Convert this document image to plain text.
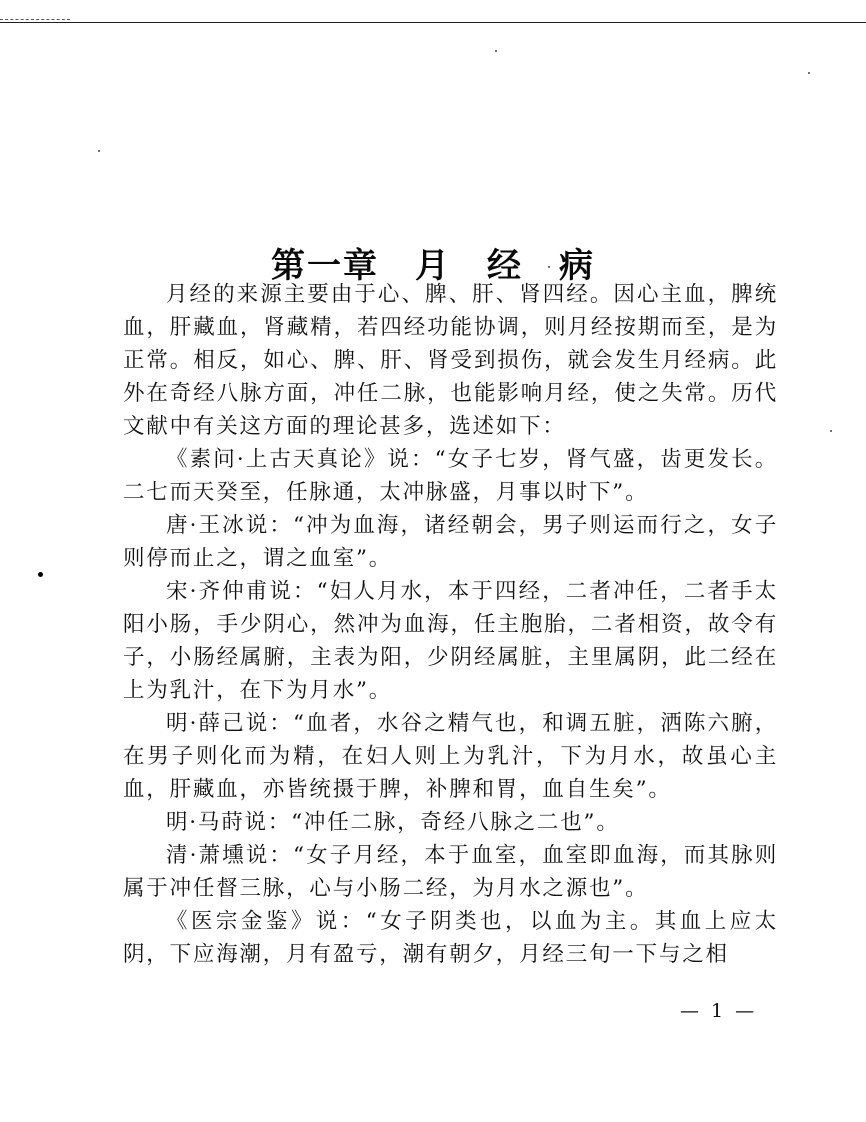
第一章　月　经　病

月经的来源主要由于心、脾、肝、肾四经。因心主血，脾统血，肝藏血，肾藏精，若四经功能协调，则月经按期而至，是为正常。相反，如心、脾、肝、肾受到损伤，就会发生月经病。此外在奇经八脉方面，冲任二脉，也能影响月经，使之失常。历代文献中有关这方面的理论甚多，选述如下：

《素问·上古天真论》说：“女子七岁，肾气盛，齿更发长。二七而天癸至，任脉通，太冲脉盛，月事以时下”。

唐·王冰说：“冲为血海，诸经朝会，男子则运而行之，女子则停而止之，谓之血室”。

宋·齐仲甫说：“妇人月水，本于四经，二者冲任，二者手太阳小肠，手少阴心，然冲为血海，任主胞胎，二者相资，故令有子，小肠经属腑，主表为阳，少阴经属脏，主里属阴，此二经在上为乳汁，在下为月水”。

明·薛己说：“血者，水谷之精气也，和调五脏，洒陈六腑，在男子则化而为精，在妇人则上为乳汁，下为月水，故虽心主血，肝藏血，亦皆统摄于脾，补脾和胃，血自生矣”。

明·马莳说：“冲任二脉，奇经八脉之二也”。

清·萧壎说：“女子月经，本于血室，血室即血海，而其脉则属于冲任督三脉，心与小肠二经，为月水之源也”。

《医宗金鉴》说：“女子阴类也，以血为主。其血上应太阴，下应海潮，月有盈亏，潮有朝夕，月经三旬一下与之相

— 1 —
